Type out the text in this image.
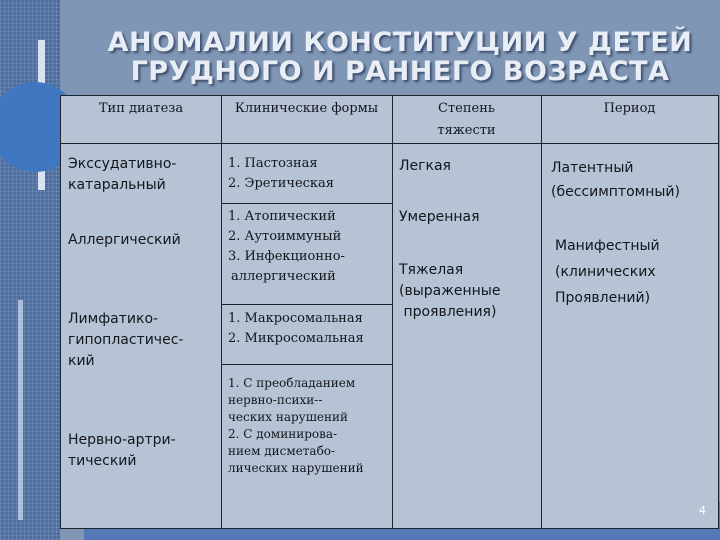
АНОМАЛИИ КОНСТИТУЦИИ У ДЕТЕЙ
ГРУДНОГО И РАННЕГО ВОЗРАСТА
Тип диатеза	Клинические формы	Степень
тяжести
Период
Экссудативно-
катаральный
Аллергический
Лимфатико-
гипопластичес-
кий
Нервно-артри-
тический
1. Пастозная
2. Эретическая
1. Атопический
2. Аутоиммуный
3. Инфекционно-
аллергический
1. Макросомальная
2. Микросомальная
1. С преобладанием
нервно-психи--
ческих нарушений
2. С доминирова-
нием дисметабо-
лических нарушений
Легкая
Умеренная
Тяжелая
(выраженные
проявления)
Латентный
(бессимптомный)
Манифестный
(клинических
Проявлений)
4
